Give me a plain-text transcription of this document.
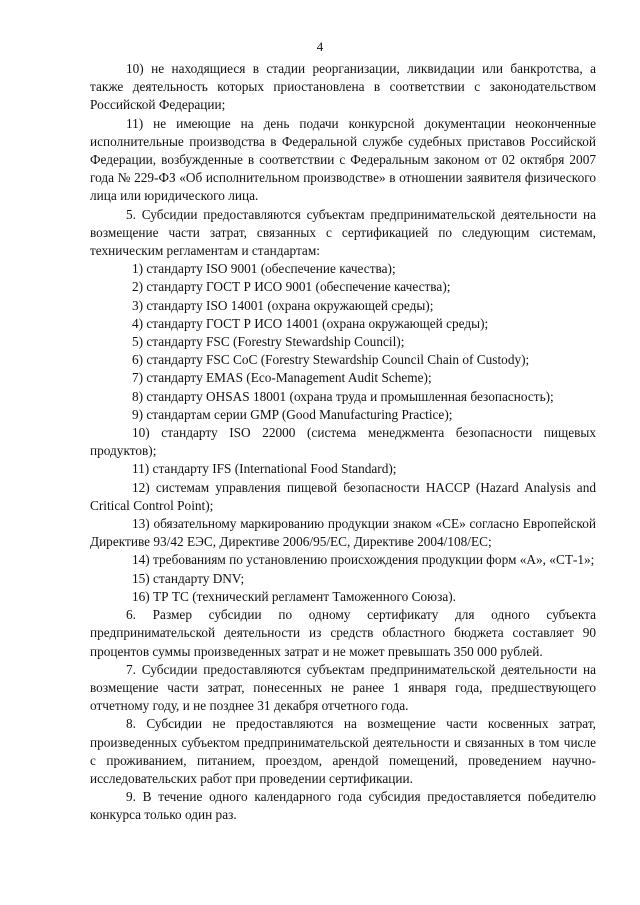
4

10) не находящиеся в стадии реорганизации, ликвидации или банкротства, а также деятельность которых приостановлена в соответствии с законодательством Российской Федерации;

11) не имеющие на день подачи конкурсной документации неоконченные исполнительные производства в Федеральной службе судебных приставов Российской Федерации, возбужденные в соответствии с Федеральным законом от 02 октября 2007 года № 229-ФЗ «Об исполнительном производстве» в отношении заявителя физического лица или юридического лица.

5. Субсидии предоставляются субъектам предпринимательской деятельности на возмещение части затрат, связанных с сертификацией по следующим системам, техническим регламентам и стандартам:

1) стандарту ISO 9001 (обеспечение качества);

2) стандарту ГОСТ Р ИСО 9001 (обеспечение качества);

3) стандарту ISO 14001 (охрана окружающей среды);

4) стандарту ГОСТ Р ИСО 14001 (охрана окружающей среды);

5) стандарту FSC (Forestry Stewardship Council);

6) стандарту FSC CoC (Forestry Stewardship Council Chain of Custody);

7) стандарту EMAS (Eco-Management Audit Scheme);

8) стандарту OHSAS 18001 (охрана труда и промышленная безопасность);

9) стандартам серии GMP (Good Manufacturing Practice);

10) стандарту ISO 22000 (система менеджмента безопасности пищевых продуктов);

11) стандарту IFS (International Food Standard);

12) системам управления пищевой безопасности HACCP (Hazard Analysis and Critical Control Point);

13) обязательному маркированию продукции знаком «CE» согласно Европейской Директиве 93/42 ЕЭС, Директиве 2006/95/ЕС, Директиве 2004/108/ЕС;

14) требованиям по установлению происхождения продукции форм «А», «СТ-1»;

15) стандарту DNV;

16) ТР ТС (технический регламент Таможенного Союза).

6. Размер субсидии по одному сертификату для одного субъекта предпринимательской деятельности из средств областного бюджета составляет 90 процентов суммы произведенных затрат и не может превышать 350 000 рублей.

7. Субсидии предоставляются субъектам предпринимательской деятельности на возмещение части затрат, понесенных не ранее 1 января года, предшествующего отчетному году, и не позднее 31 декабря отчетного года.

8. Субсидии не предоставляются на возмещение части косвенных затрат, произведенных субъектом предпринимательской деятельности и связанных в том числе с проживанием, питанием, проездом, арендой помещений, проведением научно-исследовательских работ при проведении сертификации.

9. В течение одного календарного года субсидия предоставляется победителю конкурса только один раз.
